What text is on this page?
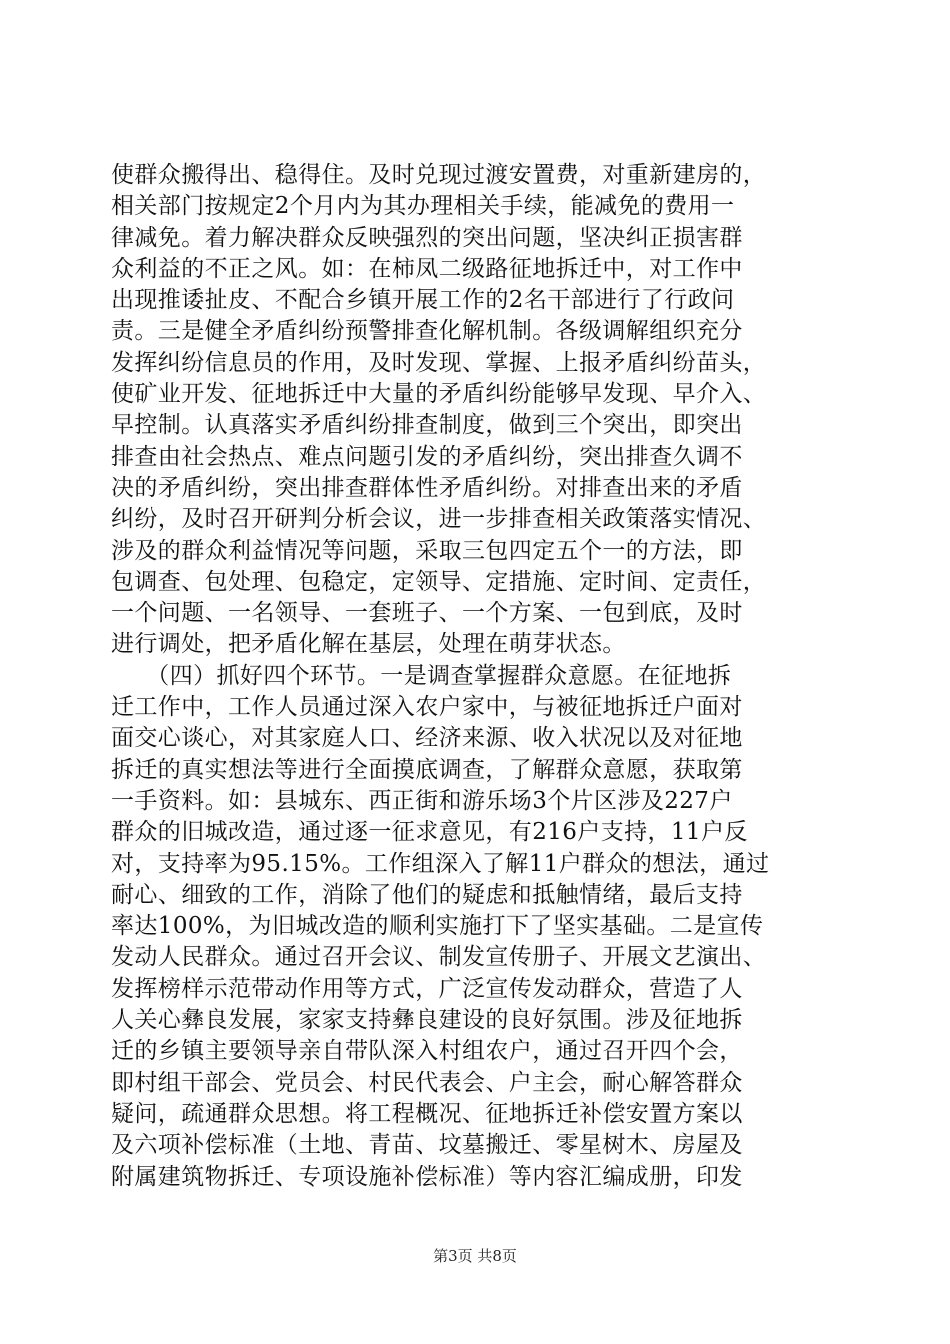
使群众搬得出、稳得住。及时兑现过渡安置费，对重新建房的，
相关部门按规定2个月内为其办理相关手续，能减免的费用一
律减免。着力解决群众反映强烈的突出问题，坚决纠正损害群
众利益的不正之风。如：在柿凤二级路征地拆迁中，对工作中
出现推诿扯皮、不配合乡镇开展工作的2名干部进行了行政问
责。三是健全矛盾纠纷预警排查化解机制。各级调解组织充分
发挥纠纷信息员的作用，及时发现、掌握、上报矛盾纠纷苗头，
使矿业开发、征地拆迁中大量的矛盾纠纷能够早发现、早介入、
早控制。认真落实矛盾纠纷排查制度，做到三个突出，即突出
排查由社会热点、难点问题引发的矛盾纠纷，突出排查久调不
决的矛盾纠纷，突出排查群体性矛盾纠纷。对排查出来的矛盾
纠纷，及时召开研判分析会议，进一步排查相关政策落实情况、
涉及的群众利益情况等问题，采取三包四定五个一的方法，即
包调查、包处理、包稳定，定领导、定措施、定时间、定责任，
一个问题、一名领导、一套班子、一个方案、一包到底，及时
进行调处，把矛盾化解在基层，处理在萌芽状态。
　　（四）抓好四个环节。一是调查掌握群众意愿。在征地拆
迁工作中，工作人员通过深入农户家中，与被征地拆迁户面对
面交心谈心，对其家庭人口、经济来源、收入状况以及对征地
拆迁的真实想法等进行全面摸底调查，了解群众意愿，获取第
一手资料。如：县城东、西正街和游乐场3个片区涉及227户
群众的旧城改造，通过逐一征求意见，有216户支持，11户反
对，支持率为95.15%。工作组深入了解11户群众的想法，通过
耐心、细致的工作，消除了他们的疑虑和抵触情绪，最后支持
率达100%，为旧城改造的顺利实施打下了坚实基础。二是宣传
发动人民群众。通过召开会议、制发宣传册子、开展文艺演出、
发挥榜样示范带动作用等方式，广泛宣传发动群众，营造了人
人关心彝良发展，家家支持彝良建设的良好氛围。涉及征地拆
迁的乡镇主要领导亲自带队深入村组农户，通过召开四个会，
即村组干部会、党员会、村民代表会、户主会，耐心解答群众
疑问，疏通群众思想。将工程概况、征地拆迁补偿安置方案以
及六项补偿标准（土地、青苗、坟墓搬迁、零星树木、房屋及
附属建筑物拆迁、专项设施补偿标准）等内容汇编成册，印发
第3页 共8页
